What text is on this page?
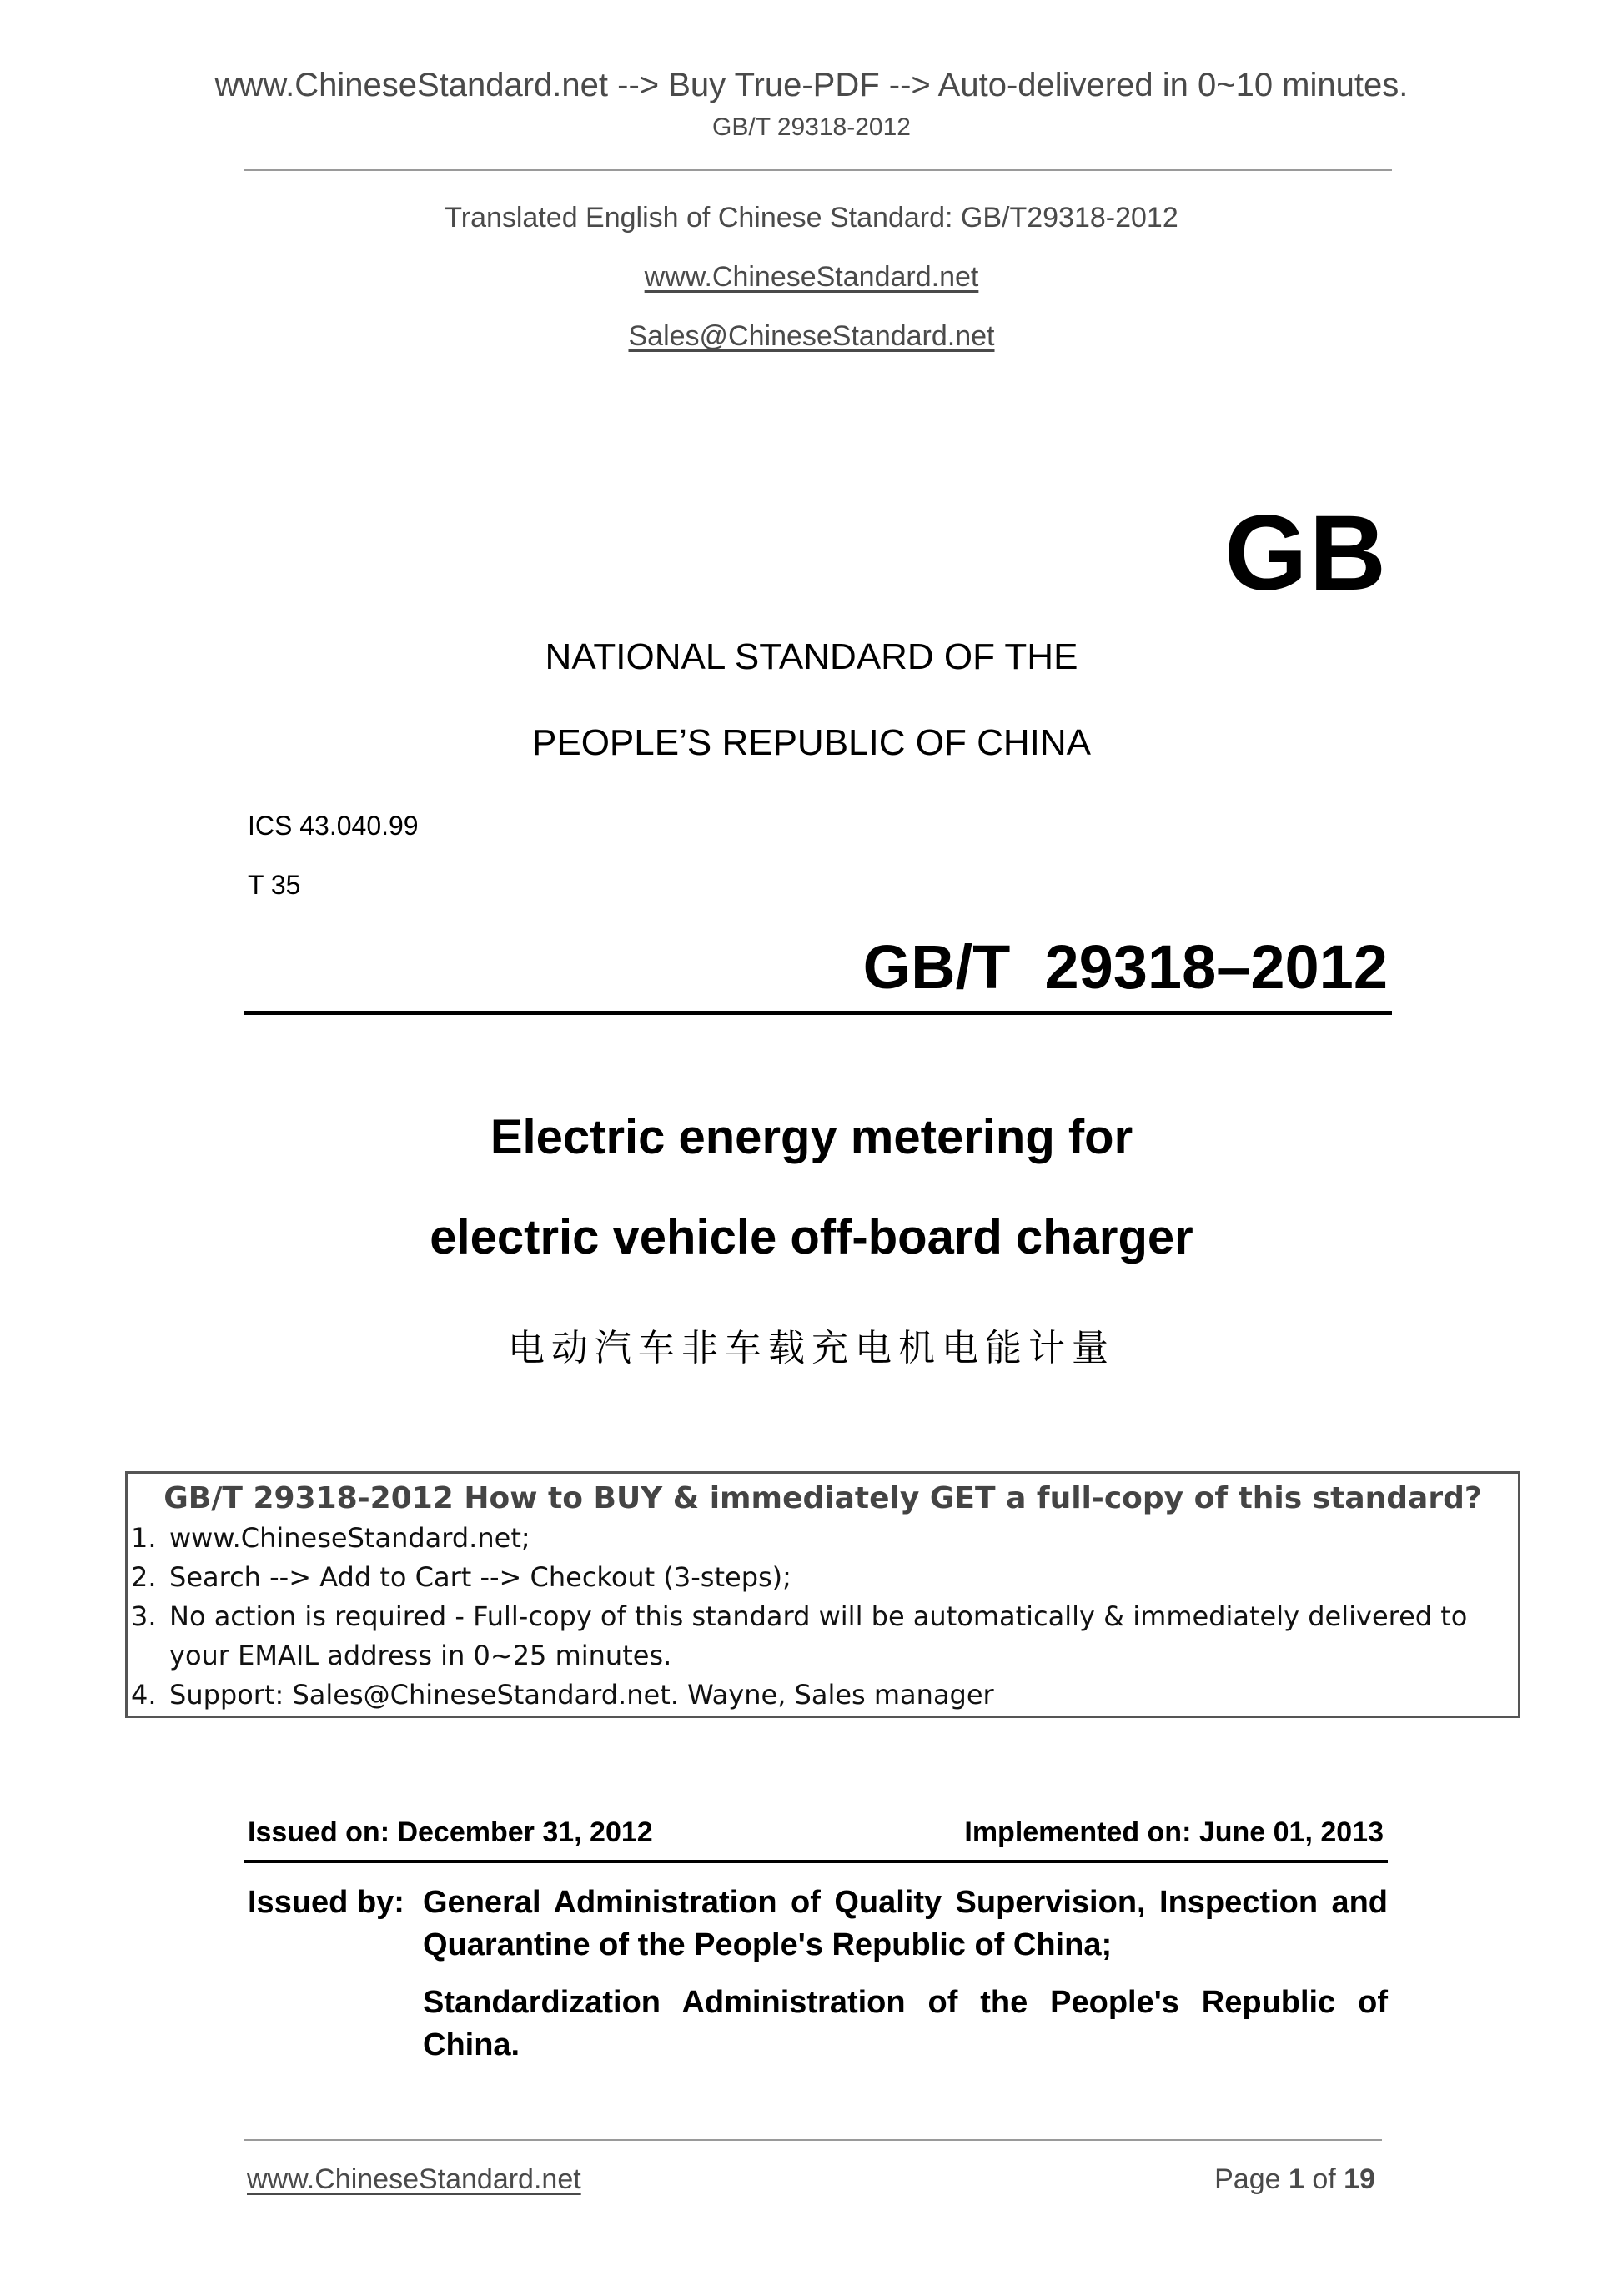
www.ChineseStandard.net --> Buy True-PDF --> Auto-delivered in 0~10 minutes.
GB/T 29318-2012
Translated English of Chinese Standard: GB/T29318-2012
www.ChineseStandard.net
Sales@ChineseStandard.net
GB
NATIONAL STANDARD OF THE
PEOPLE’S REPUBLIC OF CHINA
ICS 43.040.99
T 35
GB/T  29318–2012
Electric energy metering for
electric vehicle off-board charger
电动汽车非车载充电机电能计量
GB/T 29318-2012 How to BUY & immediately GET a full-copy of this standard?
1. www.ChineseStandard.net;
2. Search --> Add to Cart --> Checkout (3-steps);
3. No action is required - Full-copy of this standard will be automatically & immediately delivered to your EMAIL address in 0~25 minutes.
4. Support: Sales@ChineseStandard.net. Wayne, Sales manager
Issued on: December 31, 2012	Implemented on: June 01, 2013
Issued by: General Administration of Quality Supervision, Inspection and Quarantine of the People's Republic of China;
Standardization Administration of the People's Republic of China.
www.ChineseStandard.net	Page 1 of 19
